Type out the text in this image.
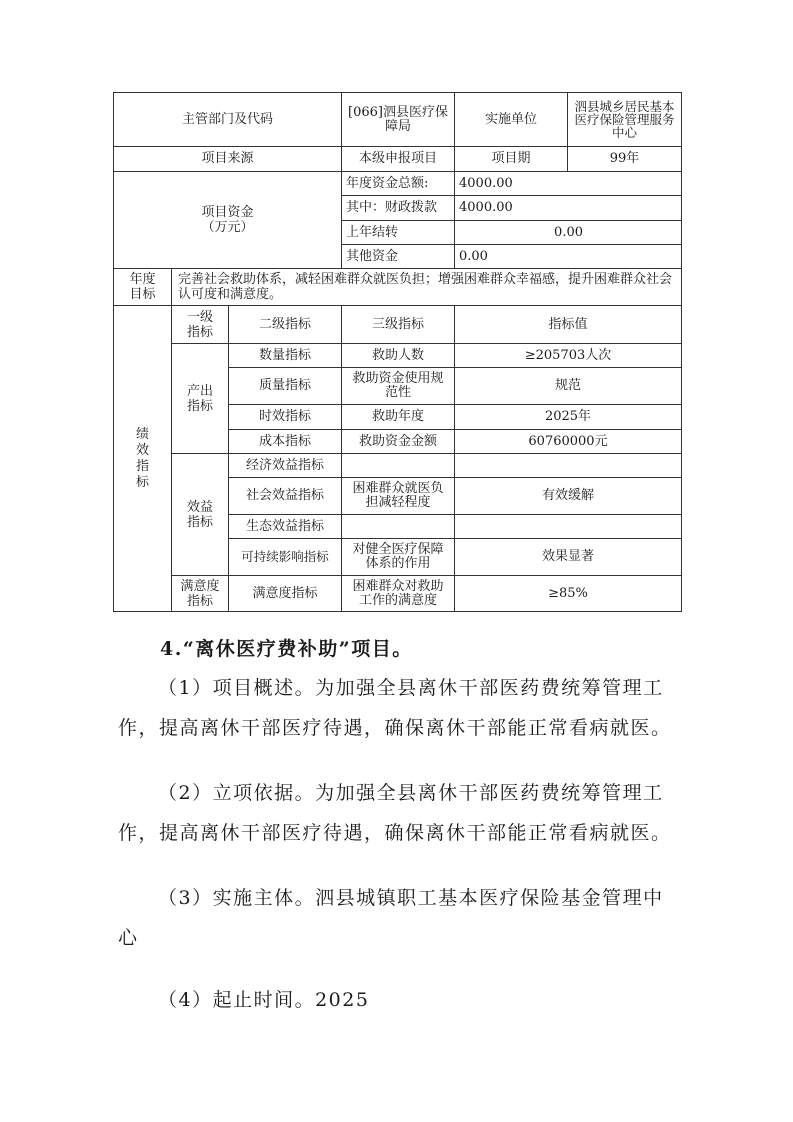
主管部门及代码			[066]泗县医疗保障局	实施单位	泗县城乡居民基本医疗保险管理服务中心
项目来源			本级申报项目	项目期	99年

项目资金（万元）			年度资金总额:	4000.00	
			其中：财政拨款	4000.00	
			上年结转	0.00	
			其他资金	0.00	

年度目标	完善社会救助体系，减轻困难群众就医负担；增强困难群众幸福感，提升困难群众社会认可度和满意度。				
绩效指标	一级指标	二级指标	三级指标	指标值	

	产出指标	数量指标	救助人数	≥205703人次	
		质量指标	救助资金使用规范性	规范	
		时效指标	救助年度	2025年	
		成本指标	救助资金金额	60760000元	

	效益指标	经济效益指标			
		社会效益指标	困难群众就医负担减轻程度	有效缓解	
		生态效益指标			
		可持续影响指标	对健全医疗保障体系的作用	效果显著	

	满意度指标	满意度指标	困难群众对救助工作的满意度	≥85%	
4.“离休医疗费补助”项目。

（1）项目概述。为加强全县离休干部医药费统筹管理工作，提高离休干部医疗待遇，确保离休干部能正常看病就医。

（2）立项依据。为加强全县离休干部医药费统筹管理工作，提高离休干部医疗待遇，确保离休干部能正常看病就医。

（3）实施主体。泗县城镇职工基本医疗保险基金管理中心

（4）起止时间。2025
